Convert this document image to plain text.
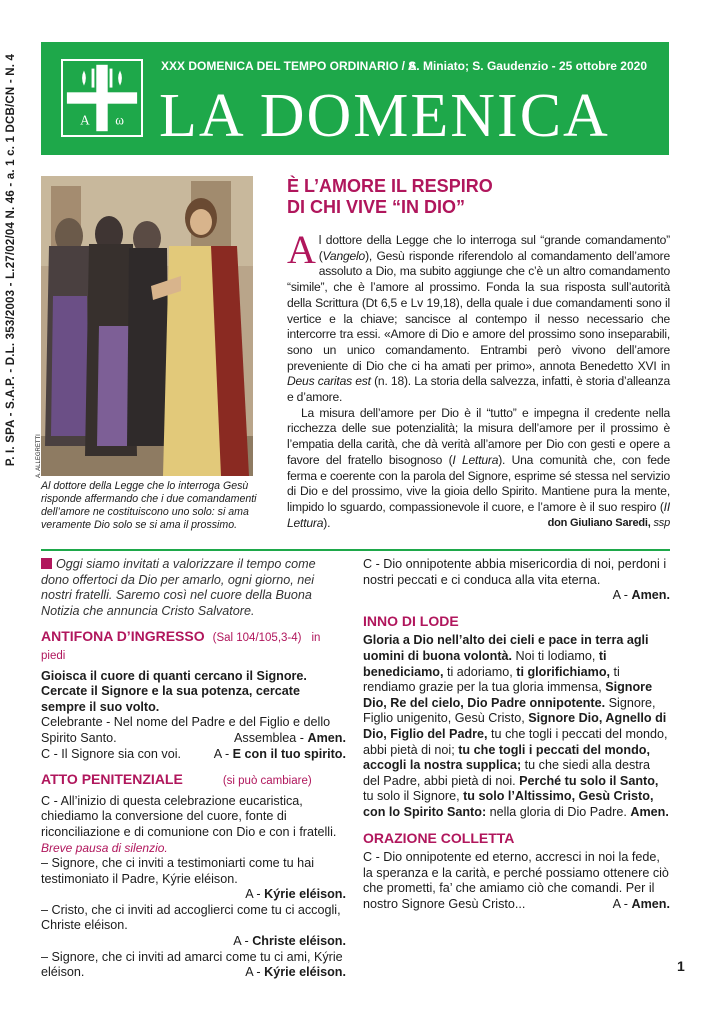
P. I. SPA - S.A.P. - D.L. 353/2003 - L.27/02/04 N. 46 - a. 1 c. 1 DCB/CN - N. 4	A ω
XXX DOMENICA DEL TEMPO ORDINARIO / A
S. Miniato; S. Gaudenzio - 25 ottobre 2020
LA DOMENICA
A. ALLEGRETTI
Al dottore della Legge che lo interroga Gesù risponde affermando che i due comandamenti dell’amore ne costituiscono uno solo: si ama veramente Dio solo se si ama il prossimo.
È L’AMORE IL RESPIRO
DI CHI VIVE “IN DIO”

Al dottore della Legge che lo interroga sul “grande comandamento” (Vangelo), Gesù risponde riferendolo al comandamento dell’amore assoluto a Dio, ma subito aggiunge che c’è un altro comandamento “simile”, che è l’amore al prossimo. Fonda la sua risposta sull’autorità della Scrittura (Dt 6,5 e Lv 19,18), della quale i due comandamenti sono il vertice e la chiave; sancisce al contempo il nesso necessario che intercorre tra essi. «Amore di Dio e amore del prossimo sono inseparabili, sono un unico comandamento. Entrambi però vivono dell’amore preveniente di Dio che ci ha amati per primo», annota Benedetto XVI in Deus caritas est (n. 18). La storia della salvezza, infatti, è storia d’alleanza e d’amore.

La misura dell’amore per Dio è il “tutto” e impegna il credente nella ricchezza delle sue potenzialità; la misura dell’amore per il prossimo è l’empatia della carità, che dà verità all’amore per Dio con gesti e opere a favore del fratello bisognoso (I Lettura). Una comunità che, con fede ferma e coerente con la parola del Signore, esprime sé stessa nel servizio di Dio e del prossimo, vive la gioia dello Spirito. Mantiene pura la mente, limpido lo sguardo, compassionevole il cuore, e l’amore è il suo respiro (II Lettura).	don Giuliano Saredi, ssp

Oggi siamo invitati a valorizzare il tempo come dono offertoci da Dio per amarlo, ogni giorno, nei nostri fratelli. Saremo così nel cuore della Buona Notizia che annuncia Cristo Salvatore.

ANTIFONA D’INGRESSO (Sal 104/105,3-4) in piedi

Gioisca il cuore di quanti cercano il Signore. Cercate il Signore e la sua potenza, cercate sempre il suo volto.

Celebrante - Nel nome del Padre e del Figlio e dello Spirito Santo.	Assemblea - Amen.

C - Il Signore sia con voi.	A - E con il tuo spirito.

ATTO PENITENZIALE	(si può cambiare)

C - All’inizio di questa celebrazione eucaristica, chiediamo la conversione del cuore, fonte di riconciliazione e di comunione con Dio e con i fratelli.

Breve pausa di silenzio.

– Signore, che ci inviti a testimoniarti come tu hai testimoniato il Padre, Kýrie eléison.

A - Kýrie eléison.

– Cristo, che ci inviti ad accoglierci come tu ci accogli, Christe eléison.

A - Christe eléison.

– Signore, che ci inviti ad amarci come tu ci ami, Kýrie eléison.	A - Kýrie eléison.

C - Dio onnipotente abbia misericordia di noi, perdoni i nostri peccati e ci conduca alla vita eterna.

A - Amen.

INNO DI LODE

Gloria a Dio nell’alto dei cieli e pace in terra agli uomini di buona volontà. Noi ti lodiamo, ti benediciamo, ti adoriamo, ti glorifichiamo, ti rendiamo grazie per la tua gloria immensa, Signore Dio, Re del cielo, Dio Padre onnipotente. Signore, Figlio unigenito, Gesù Cristo, Signore Dio, Agnello di Dio, Figlio del Padre, tu che togli i peccati del mondo, abbi pietà di noi; tu che togli i peccati del mondo, accogli la nostra supplica; tu che siedi alla destra del Padre, abbi pietà di noi. Perché tu solo il Santo, tu solo il Signore, tu solo l’Altissimo, Gesù Cristo, con lo Spirito Santo: nella gloria di Dio Padre. Amen.

ORAZIONE COLLETTA

C - Dio onnipotente ed eterno, accresci in noi la fede, la speranza e la carità, e perché possiamo ottenere ciò che prometti, fa’ che amiamo ciò che comandi. Per il nostro Signore Gesù Cristo...	A - Amen.

1
